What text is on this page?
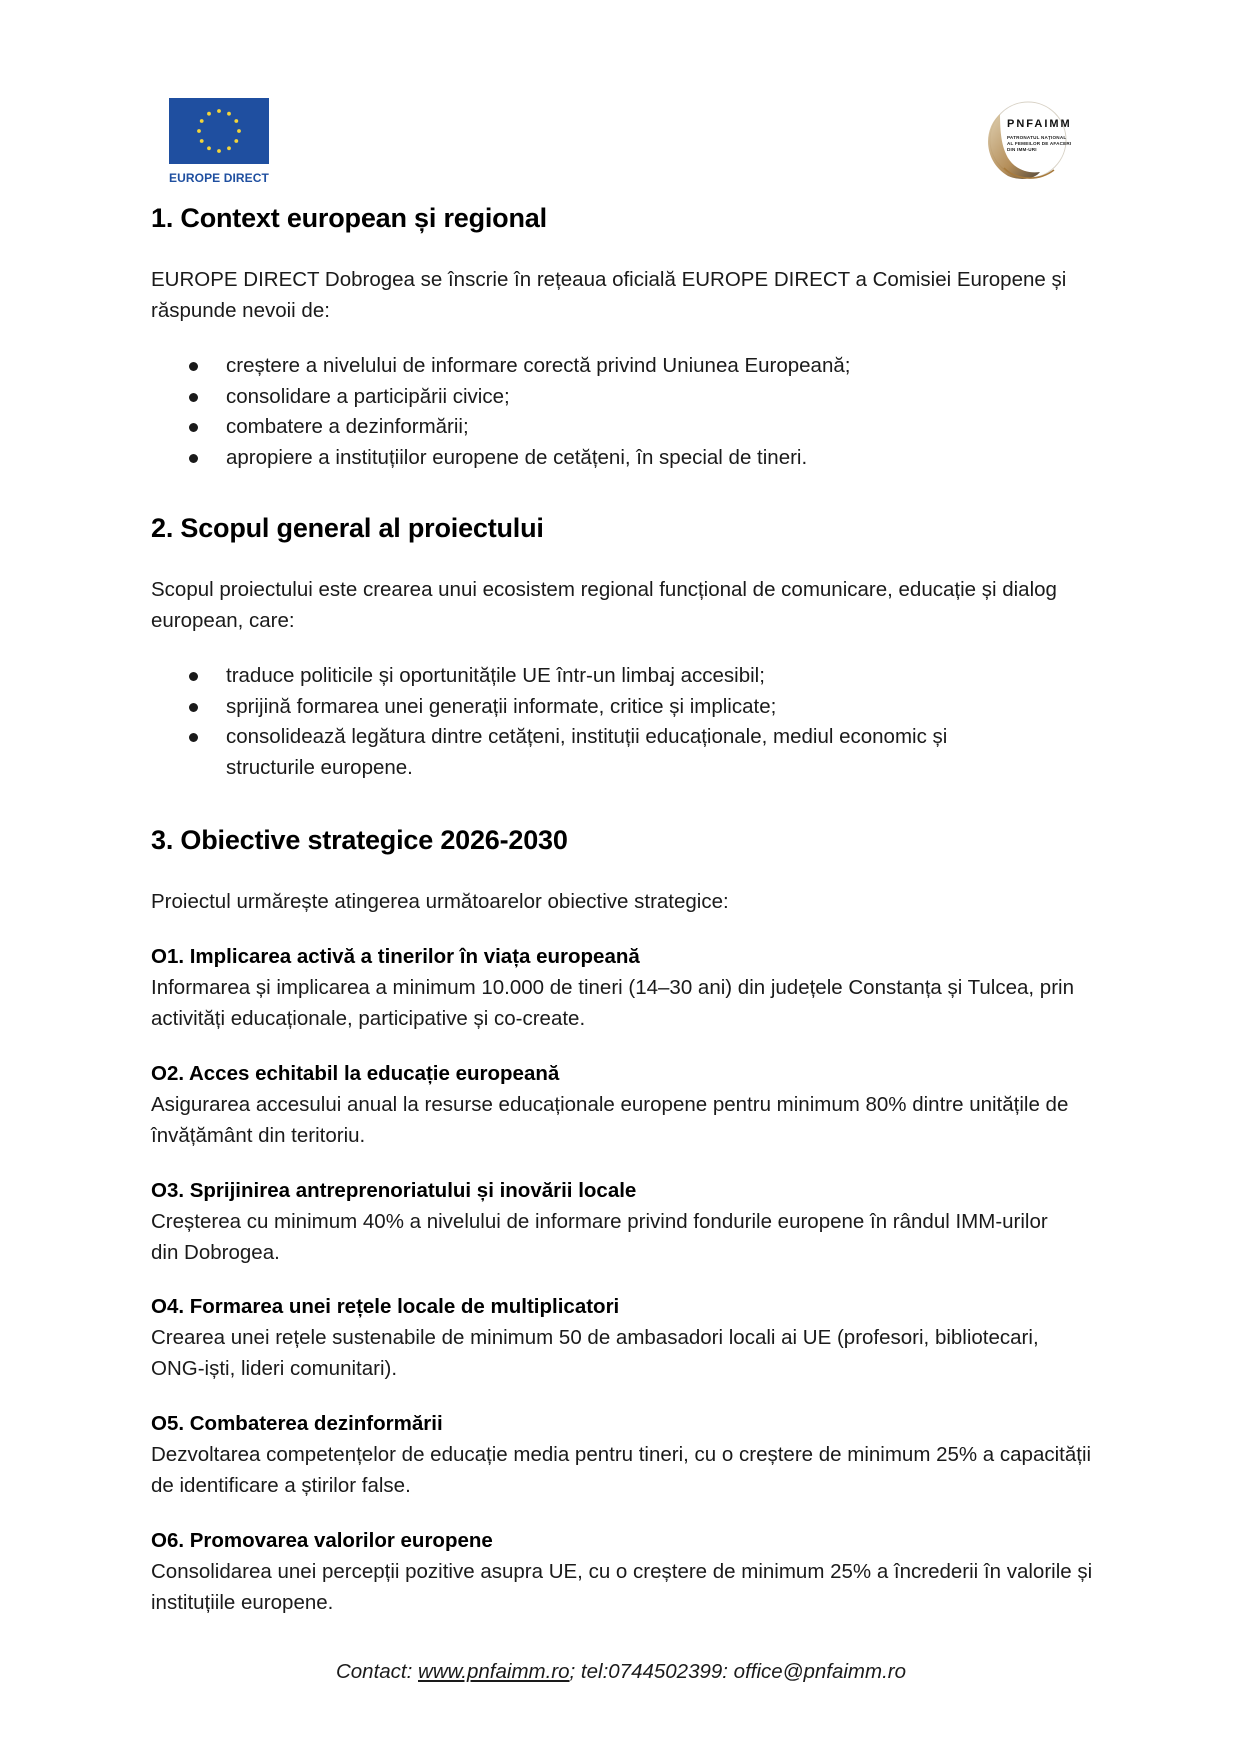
EUROPE DIRECT
PNFAIMM
PATRONATUL NAȚIONAL
AL FEMEILOR DE AFACERI
DIN IMM-URI
1. Context european și regional

EUROPE DIRECT Dobrogea se înscrie în rețeaua oficială EUROPE DIRECT a Comisiei Europene și răspunde nevoii de:

creștere a nivelului de informare corectă privind Uniunea Europeană;
consolidare a participării civice;
combatere a dezinformării;
apropiere a instituțiilor europene de cetățeni, în special de tineri.
2. Scopul general al proiectului

Scopul proiectului este crearea unui ecosistem regional funcțional de comunicare, educație și dialog european, care:

traduce politicile și oportunitățile UE într-un limbaj accesibil;
sprijină formarea unei generații informate, critice și implicate;
consolidează legătura dintre cetățeni, instituții educaționale, mediul economic și structurile europene.
3. Obiective strategice 2026-2030

Proiectul urmărește atingerea următoarelor obiective strategice:

O1. Implicarea activă a tinerilor în viața europeană
Informarea și implicarea a minimum 10.000 de tineri (14–30 ani) din județele Constanța și Tulcea, prin activități educaționale, participative și co-create.
O2. Acces echitabil la educație europeană
Asigurarea accesului anual la resurse educaționale europene pentru minimum 80% dintre unitățile de învățământ din teritoriu.
O3. Sprijinirea antreprenoriatului și inovării locale
Creșterea cu minimum 40% a nivelului de informare privind fondurile europene în rândul IMM-urilor din Dobrogea.
O4. Formarea unei rețele locale de multiplicatori
Crearea unei rețele sustenabile de minimum 50 de ambasadori locali ai UE (profesori, bibliotecari, ONG-iști, lideri comunitari).
O5. Combaterea dezinformării
Dezvoltarea competențelor de educație media pentru tineri, cu o creștere de minimum 25% a capacității de identificare a știrilor false.
O6. Promovarea valorilor europene
Consolidarea unei percepții pozitive asupra UE, cu o creștere de minimum 25% a încrederii în valorile și instituțiile europene.
Contact: www.pnfaimm.ro; tel:0744502399: office@pnfaimm.ro
